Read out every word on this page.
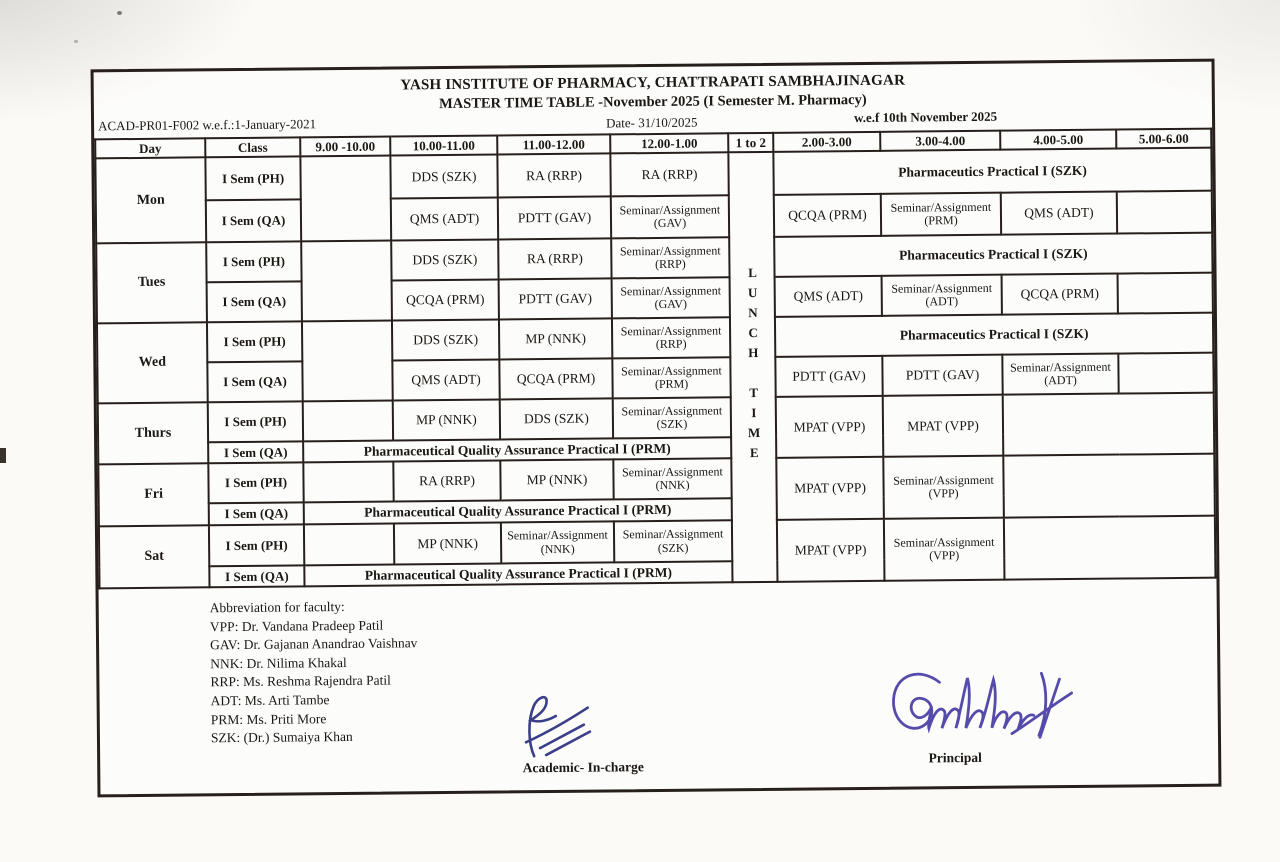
YASH INSTITUTE OF PHARMACY, CHATTRAPATI SAMBHAJINAGAR
MASTER TIME TABLE -November 2025 (I Semester M. Pharmacy)
ACAD-PR01-F002 w.e.f.:1-January-2021	Date- 31/10/2025	w.e.f 10th November 2025
Day	Class	9.00 -10.00	10.00-11.00	11.00-12.00	12.00-1.00	1 to 2	2.00-3.00	3.00-4.00	4.00-5.00	5.00-6.00
Mon	I Sem (PH)		DDS (SZK)	RA (RRP)	RA (RRP)	LUNCH TIME	Pharmaceutics Practical I (SZK)			
	I Sem (QA)		QMS (ADT)	PDTT (GAV)	Seminar/Assignment (GAV)		QCQA (PRM)	Seminar/Assignment (PRM)	QMS (ADT)	
Tues	I Sem (PH)		DDS (SZK)	RA (RRP)	Seminar/Assignment (RRP)		Pharmaceutics Practical I (SZK)			
	I Sem (QA)		QCQA (PRM)	PDTT (GAV)	Seminar/Assignment (GAV)		QMS (ADT)	Seminar/Assignment (ADT)	QCQA (PRM)	
Wed	I Sem (PH)		DDS (SZK)	MP (NNK)	Seminar/Assignment (RRP)		Pharmaceutics Practical I (SZK)			
	I Sem (QA)		QMS (ADT)	QCQA (PRM)	Seminar/Assignment (PRM)		PDTT (GAV)	PDTT (GAV)	Seminar/Assignment (ADT)	
Thurs	I Sem (PH)		MP (NNK)	DDS (SZK)	Seminar/Assignment (SZK)		MPAT (VPP)	MPAT (VPP)		
	I Sem (QA)	Pharmaceutical Quality Assurance Practical I (PRM)								
Fri	I Sem (PH)		RA (RRP)	MP (NNK)	Seminar/Assignment (NNK)		MPAT (VPP)	Seminar/Assignment (VPP)		
	I Sem (QA)	Pharmaceutical Quality Assurance Practical I (PRM)								
Sat	I Sem (PH)		MP (NNK)	Seminar/Assignment (NNK)	Seminar/Assignment (SZK)		MPAT (VPP)	Seminar/Assignment (VPP)		
	I Sem (QA)	Pharmaceutical Quality Assurance Practical I (PRM)								
Abbreviation for faculty:
VPP: Dr. Vandana Pradeep Patil
GAV: Dr. Gajanan Anandrao Vaishnav
NNK: Dr. Nilima Khakal
RRP: Ms. Reshma Rajendra Patil
ADT: Ms. Arti Tambe
PRM: Ms. Priti More
SZK: (Dr.) Sumaiya Khan
Academic- In-charge
Principal
